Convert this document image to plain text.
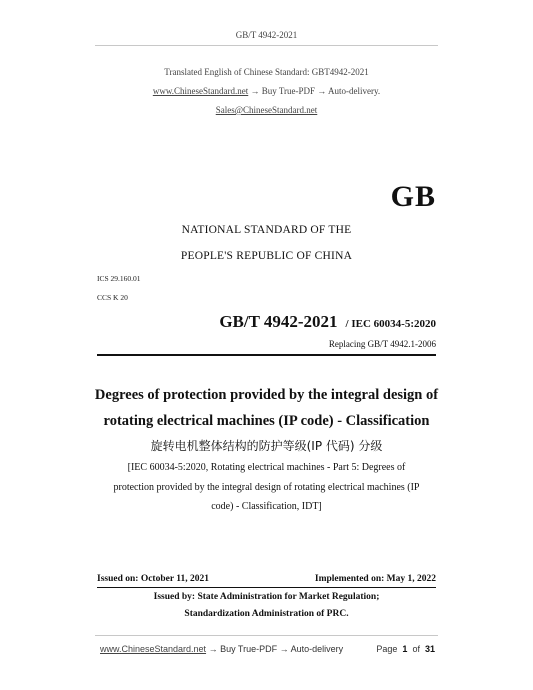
GB/T 4942-2021
Translated English of Chinese Standard: GBT4942-2021
www.ChineseStandard.net → Buy True-PDF → Auto-delivery.
Sales@ChineseStandard.net
GB
NATIONAL STANDARD OF THE
PEOPLE'S REPUBLIC OF CHINA
ICS 29.160.01
CCS K 20
GB/T 4942-2021 / IEC 60034-5:2020
Replacing GB/T 4942.1-2006
Degrees of protection provided by the integral design of
rotating electrical machines (IP code) - Classification
旋转电机整体结构的防护等级(IP 代码) 分级
[IEC 60034-5:2020, Rotating electrical machines - Part 5: Degrees of
protection provided by the integral design of rotating electrical machines (IP
code) - Classification, IDT]
Issued on: October 11, 2021	Implemented on: May 1, 2022
Issued by: State Administration for Market Regulation;
Standardization Administration of PRC.
www.ChineseStandard.net → Buy True-PDF → Auto-delivery	Page 1 of 31
